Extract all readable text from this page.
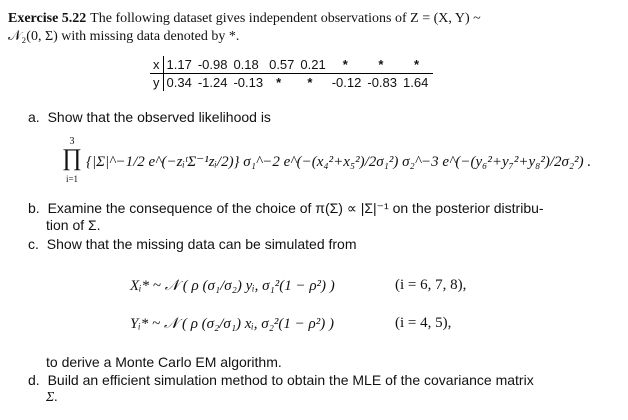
Exercise 5.22 The following dataset gives independent observations of Z = (X, Y) ~
𝒩₂(0, Σ) with missing data denoted by *.
x	1.17	-0.98	0.18	0.57	0.21	*	*	*
y	0.34	-1.24	-0.13	*	*	-0.12	-0.83	1.64
a. Show that the observed likelihood is
3
∏
i=1
{|Σ|^−1/2 e^(−zᵢᵗΣ⁻¹zᵢ/2)} σ₁^−2 e^(−(x₄²+x₅²)/2σ₁²) σ₂^−3 e^(−(y₆²+y₇²+y₈²)/2σ₂²) .
b. Examine the consequence of the choice of π(Σ) ∝ |Σ|⁻¹ on the posterior distribu-
tion of Σ.
c. Show that the missing data can be simulated from
Xᵢ* ~ 𝒩 ( ρ (σ₁/σ₂) yᵢ, σ₁²(1 − ρ²) )	(i = 6, 7, 8),
Yᵢ* ~ 𝒩 ( ρ (σ₂/σ₁) xᵢ, σ₂²(1 − ρ²) )	(i = 4, 5),
to derive a Monte Carlo EM algorithm.
d. Build an efficient simulation method to obtain the MLE of the covariance matrix
Σ.
